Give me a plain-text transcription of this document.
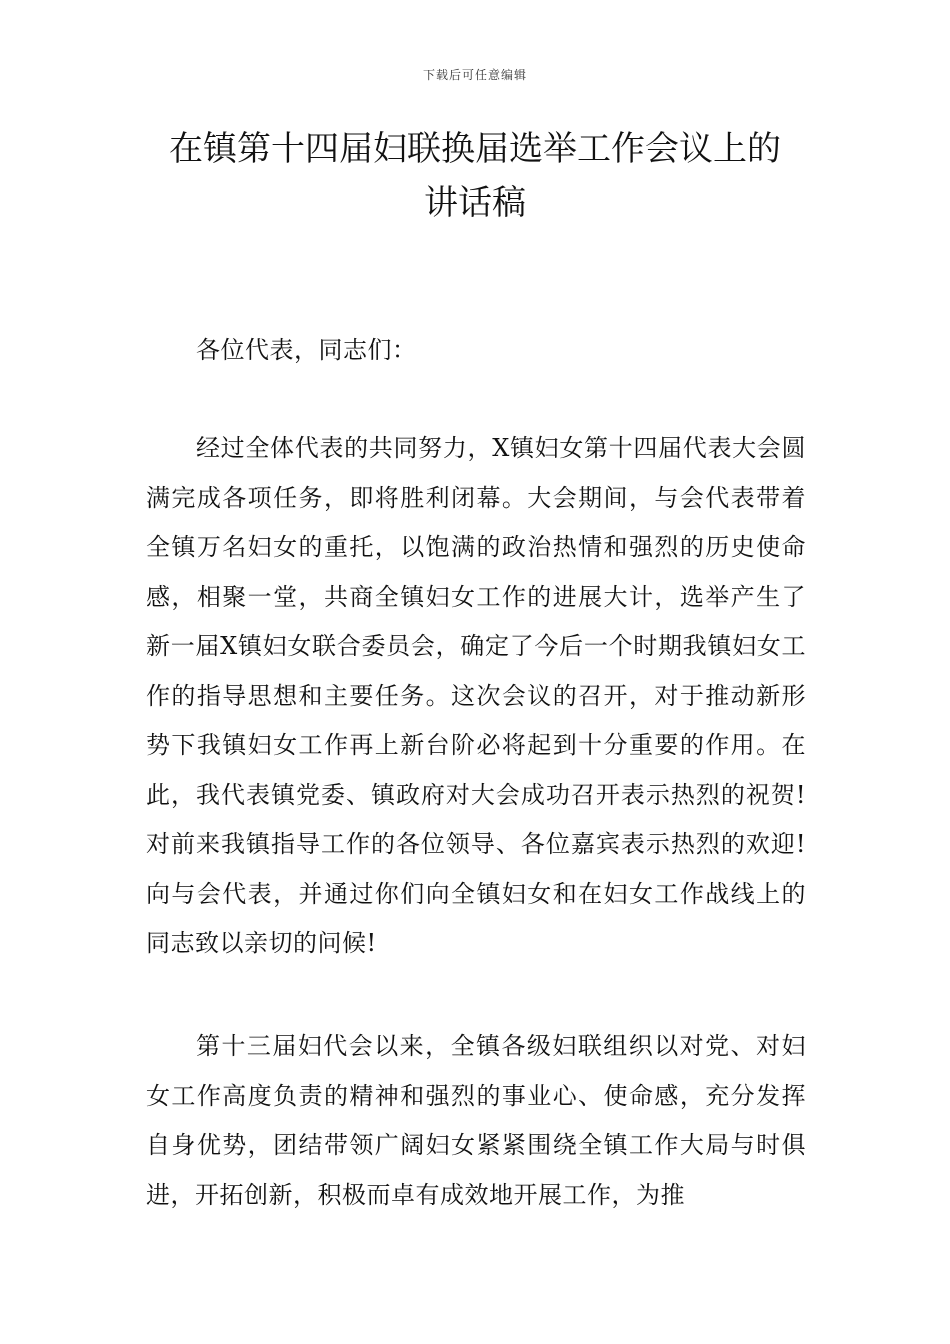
下载后可任意编辑
在镇第十四届妇联换届选举工作会议上的
讲话稿

各位代表，同志们：

经过全体代表的共同努力，X镇妇女第十四届代表大会圆满完成各项任务，即将胜利闭幕。大会期间，与会代表带着全镇万名妇女的重托，以饱满的政治热情和强烈的历史使命感，相聚一堂，共商全镇妇女工作的进展大计，选举产生了新一届X镇妇女联合委员会，确定了今后一个时期我镇妇女工作的指导思想和主要任务。这次会议的召开，对于推动新形势下我镇妇女工作再上新台阶必将起到十分重要的作用。在此，我代表镇党委、镇政府对大会成功召开表示热烈的祝贺!对前来我镇指导工作的各位领导、各位嘉宾表示热烈的欢迎!向与会代表，并通过你们向全镇妇女和在妇女工作战线上的同志致以亲切的问候!

第十三届妇代会以来，全镇各级妇联组织以对党、对妇女工作高度负责的精神和强烈的事业心、使命感，充分发挥自身优势，团结带领广阔妇女紧紧围绕全镇工作大局与时俱进，开拓创新，积极而卓有成效地开展工作，为推
